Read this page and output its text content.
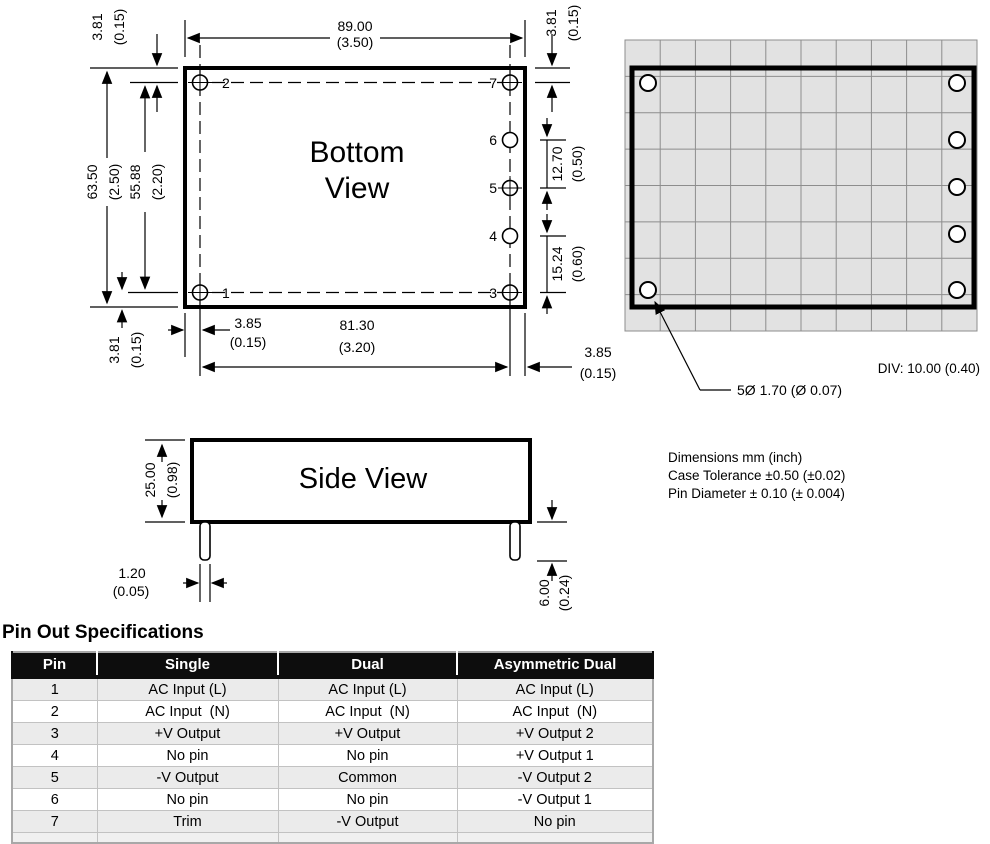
2
1
7
6
5
4
3
Bottom
View
89.00
(3.50)
3.81 (0.15)	3.81 (0.15)
63.50 (2.50) 55.88 (2.20)	12.70 (0.50)
15.24 (0.60)
3.81 (0.15)
3.85
(0.15)
81.30
(3.20)	3.85
(0.15)
Side View
25.00 (0.98)
1.20
(0.05)	6.00 (0.24)
5Ø 1.70 (Ø 0.07)
DIV: 10.00 (0.40)
Dimensions mm (inch)
Case Tolerance ±0.50 (±0.02)
Pin Diameter ± 0.10 (± 0.004)
Pin Out Specifications
Pin	Single	Dual	Asymmetric Dual
1	AC Input (L)	AC Input (L)	AC Input (L)
2	AC Input  (N)	AC Input  (N)	AC Input  (N)
3	+V Output	+V Output	+V Output 2
4	No pin	No pin	+V Output 1
5	-V Output	Common	-V Output 2
6	No pin	No pin	-V Output 1
7	Trim	-V Output	No pin
